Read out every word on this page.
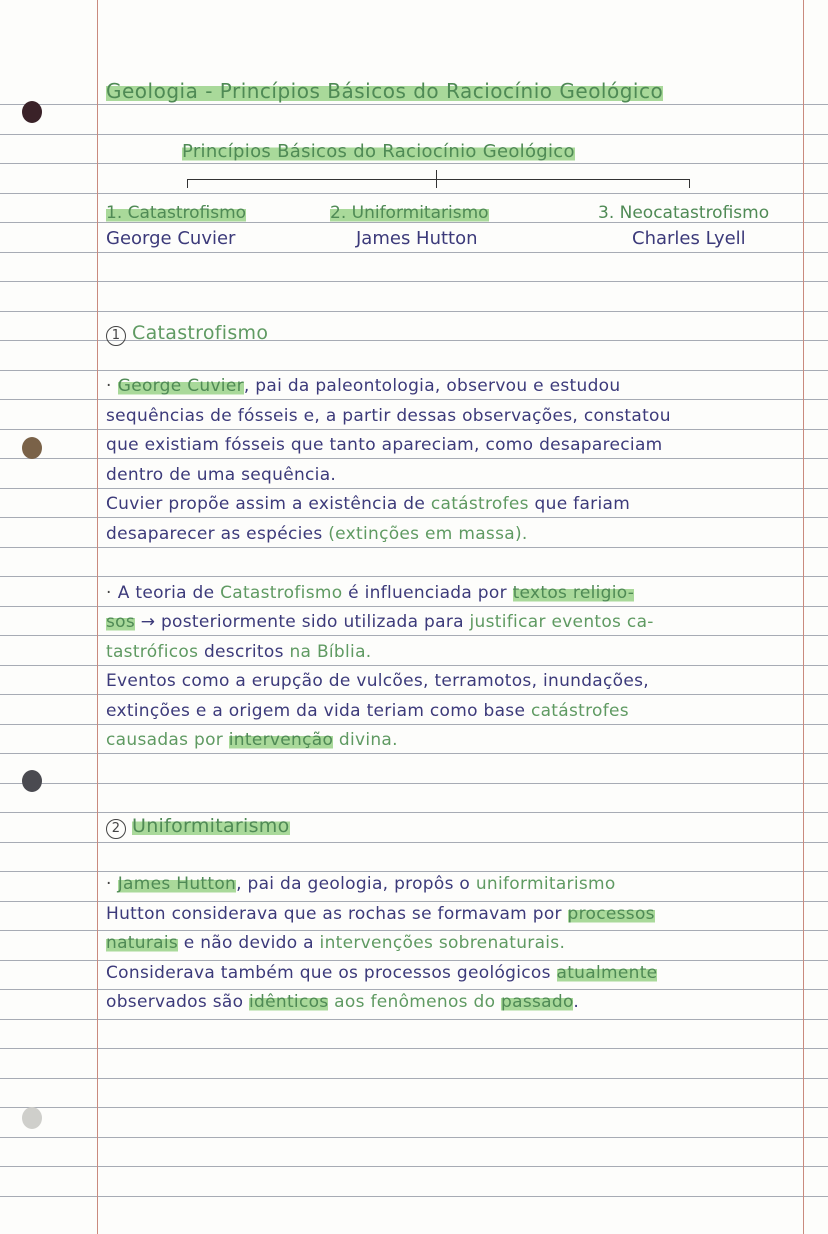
Geologia - Princípios Básicos do Raciocínio Geológico
Princípios Básicos do Raciocínio Geológico
1. Catastrofismo
George Cuvier
2. Uniformitarismo
James Hutton
3. Neocatastrofismo
Charles Lyell
1 Catastrofismo
· George Cuvier, pai da paleontologia, observou e estudou
sequências de fósseis e, a partir dessas observações, constatou
que existiam fósseis que tanto apareciam, como desapareciam
dentro de uma sequência.
Cuvier propõe assim a existência de catástrofes que fariam
desaparecer as espécies (extinções em massa).
· A teoria de Catastrofismo é influenciada por textos religio-
sos → posteriormente sido utilizada para justificar eventos ca-
tastróficos descritos na Bíblia.
Eventos como a erupção de vulcões, terramotos, inundações,
extinções e a origem da vida teriam como base catástrofes
causadas por intervenção divina.
2 Uniformitarismo
· James Hutton, pai da geologia, propôs o uniformitarismo
Hutton considerava que as rochas se formavam por processos
naturais e não devido a intervenções sobrenaturais.
Considerava também que os processos geológicos atualmente
observados são idênticos aos fenômenos do passado.
